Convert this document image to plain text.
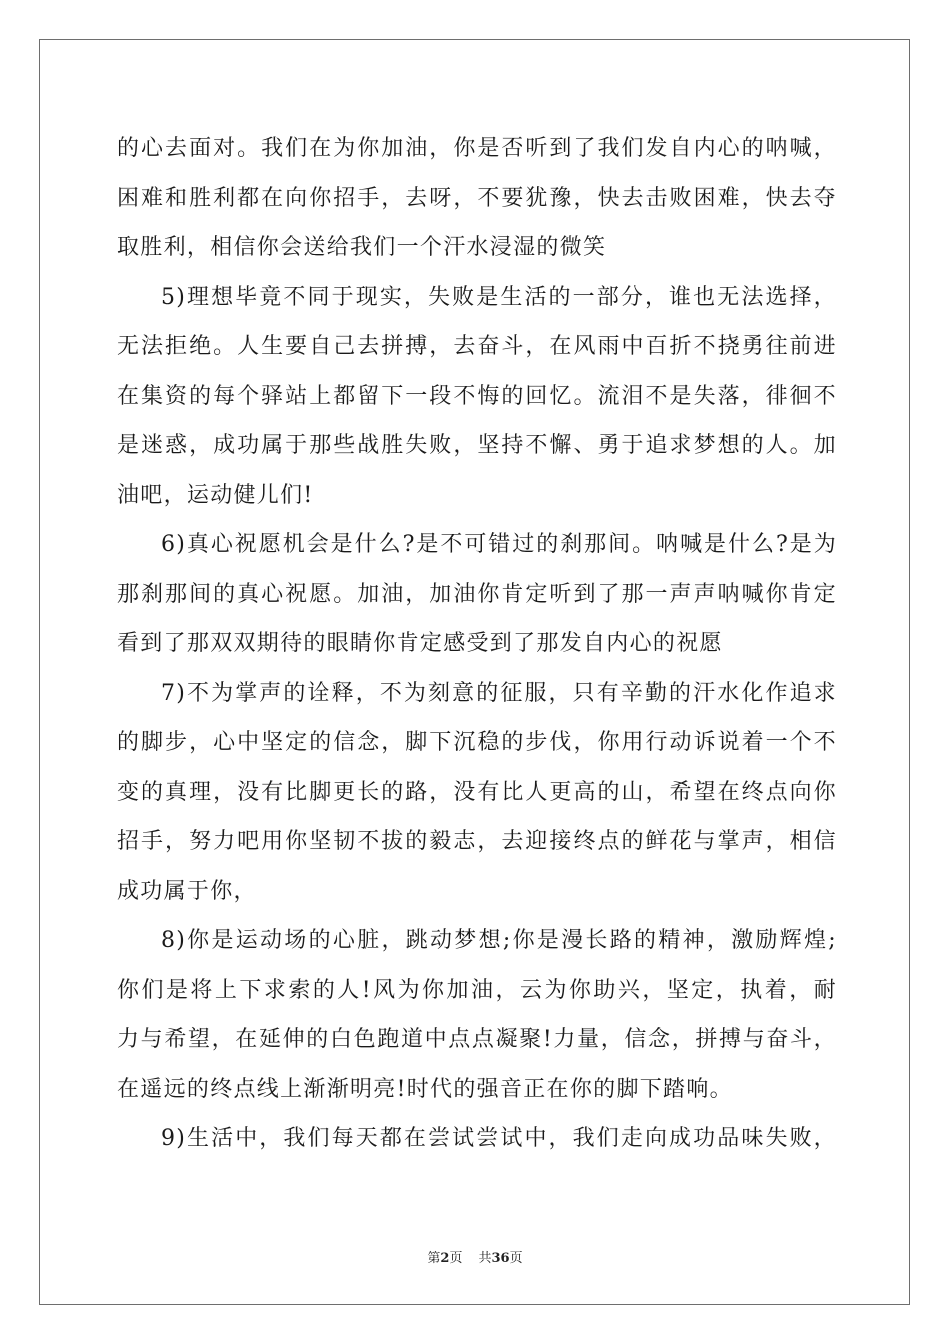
的心去面对。我们在为你加油，你是否听到了我们发自内心的呐喊，
困难和胜利都在向你招手，去呀，不要犹豫，快去击败困难，快去夺
取胜利，相信你会送给我们一个汗水浸湿的微笑
5)理想毕竟不同于现实，失败是生活的一部分，谁也无法选择，
无法拒绝。人生要自己去拼搏，去奋斗，在风雨中百折不挠勇往前进
在集资的每个驿站上都留下一段不悔的回忆。流泪不是失落，徘徊不
是迷惑，成功属于那些战胜失败，坚持不懈、勇于追求梦想的人。加
油吧，运动健儿们!
6)真心祝愿机会是什么?是不可错过的刹那间。呐喊是什么?是为
那刹那间的真心祝愿。加油，加油你肯定听到了那一声声呐喊你肯定
看到了那双双期待的眼睛你肯定感受到了那发自内心的祝愿
7)不为掌声的诠释，不为刻意的征服，只有辛勤的汗水化作追求
的脚步，心中坚定的信念，脚下沉稳的步伐，你用行动诉说着一个不
变的真理，没有比脚更长的路，没有比人更高的山，希望在终点向你
招手，努力吧用你坚韧不拔的毅志，去迎接终点的鲜花与掌声，相信
成功属于你，
8)你是运动场的心脏，跳动梦想;你是漫长路的精神，激励辉煌;
你们是将上下求索的人!风为你加油，云为你助兴，坚定，执着，耐
力与希望，在延伸的白色跑道中点点凝聚!力量，信念，拼搏与奋斗，
在遥远的终点线上渐渐明亮!时代的强音正在你的脚下踏响。
9)生活中，我们每天都在尝试尝试中，我们走向成功品味失败，
第2页 共36页
